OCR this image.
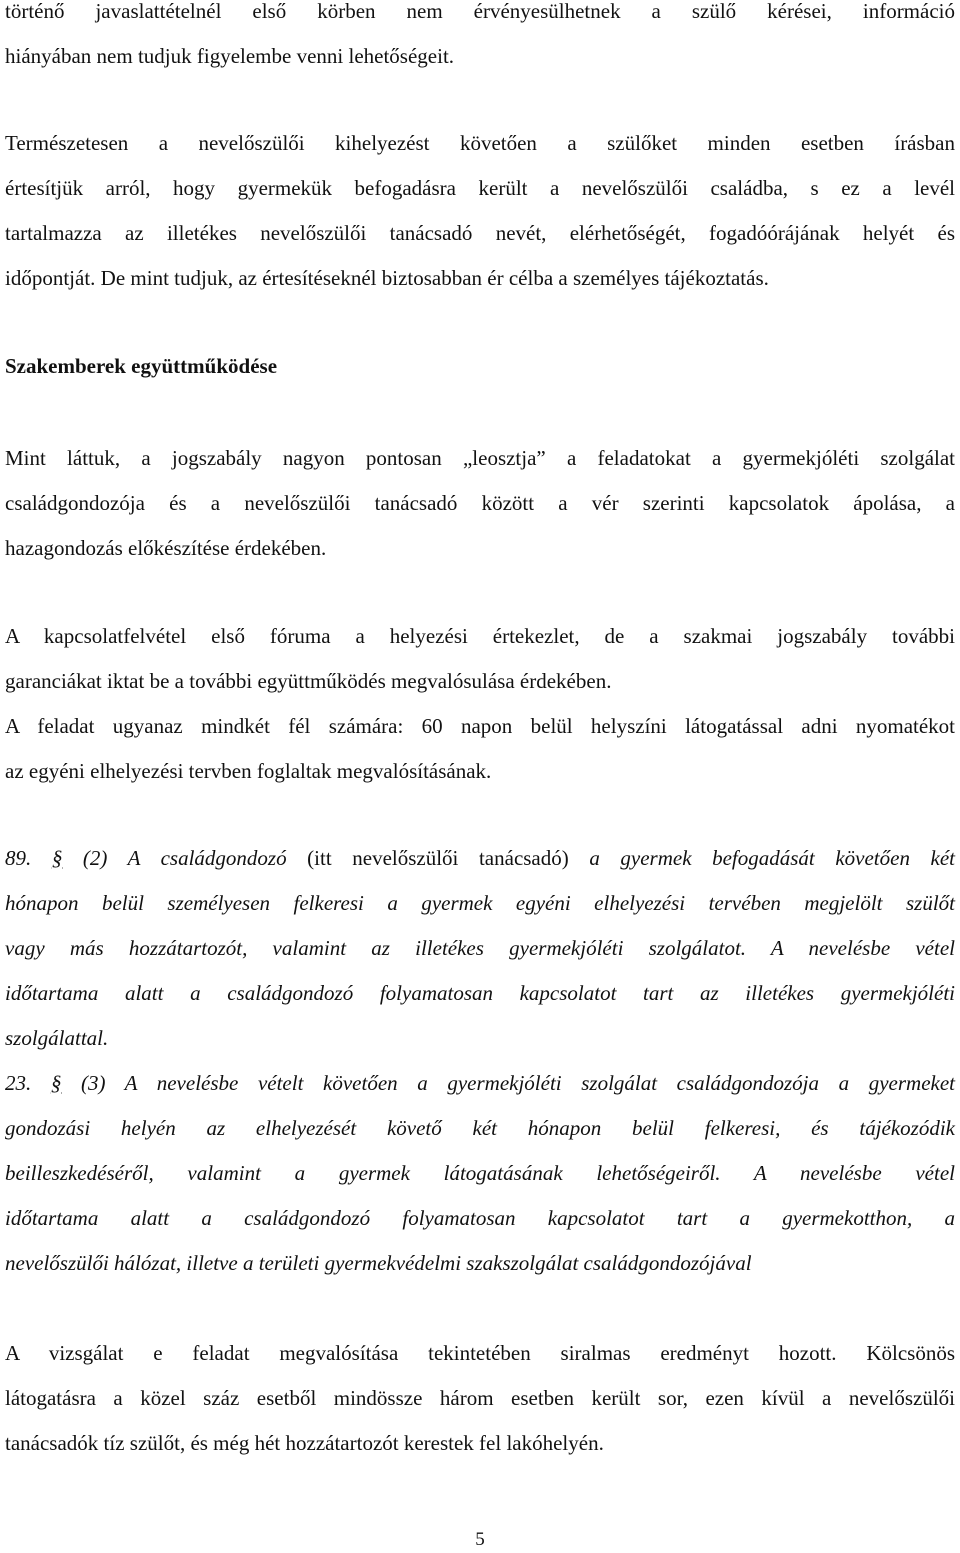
történő javaslattételnél első körben nem érvényesülhetnek a szülő kérései, információ
hiányában nem tudjuk figyelembe venni lehetőségeit.

Természetesen a nevelőszülői kihelyezést követően a szülőket minden esetben írásban
értesítjük arról, hogy gyermekük befogadásra került a nevelőszülői családba, s ez a levél
tartalmazza az illetékes nevelőszülői tanácsadó nevét, elérhetőségét, fogadóórájának helyét és
időpontját. De mint tudjuk, az értesítéseknél biztosabban ér célba a személyes tájékoztatás.

Szakemberek együttműködése

Mint láttuk, a jogszabály nagyon pontosan „leosztja” a feladatokat a gyermekjóléti szolgálat
családgondozója és a nevelőszülői tanácsadó között a vér szerinti kapcsolatok ápolása, a
hazagondozás előkészítése érdekében.

A kapcsolatfelvétel első fóruma a helyezési értekezlet, de a szakmai jogszabály további
garanciákat iktat be a további együttműködés megvalósulása érdekében.

A feladat ugyanaz mindkét fél számára: 60 napon belül helyszíni látogatással adni nyomatékot
az egyéni elhelyezési tervben foglaltak megvalósításának.

89. § (2) A családgondozó (itt nevelőszülői tanácsadó) a gyermek befogadását követően két
hónapon belül személyesen felkeresi a gyermek egyéni elhelyezési tervében megjelölt szülőt
vagy más hozzátartozót, valamint az illetékes gyermekjóléti szolgálatot. A nevelésbe vétel
időtartama alatt a családgondozó folyamatosan kapcsolatot tart az illetékes gyermekjóléti
szolgálattal.

23. § (3) A nevelésbe vételt követően a gyermekjóléti szolgálat családgondozója a gyermeket
gondozási helyén az elhelyezését követő két hónapon belül felkeresi, és tájékozódik
beilleszkedéséről, valamint a gyermek látogatásának lehetőségeiről. A nevelésbe vétel
időtartama alatt a családgondozó folyamatosan kapcsolatot tart a gyermekotthon, a
nevelőszülői hálózat, illetve a területi gyermekvédelmi szakszolgálat családgondozójával

A vizsgálat e feladat megvalósítása tekintetében siralmas eredményt hozott. Kölcsönös
látogatásra a közel száz esetből mindössze három esetben került sor, ezen kívül a nevelőszülői
tanácsadók tíz szülőt, és még hét hozzátartozót kerestek fel lakóhelyén.

5
